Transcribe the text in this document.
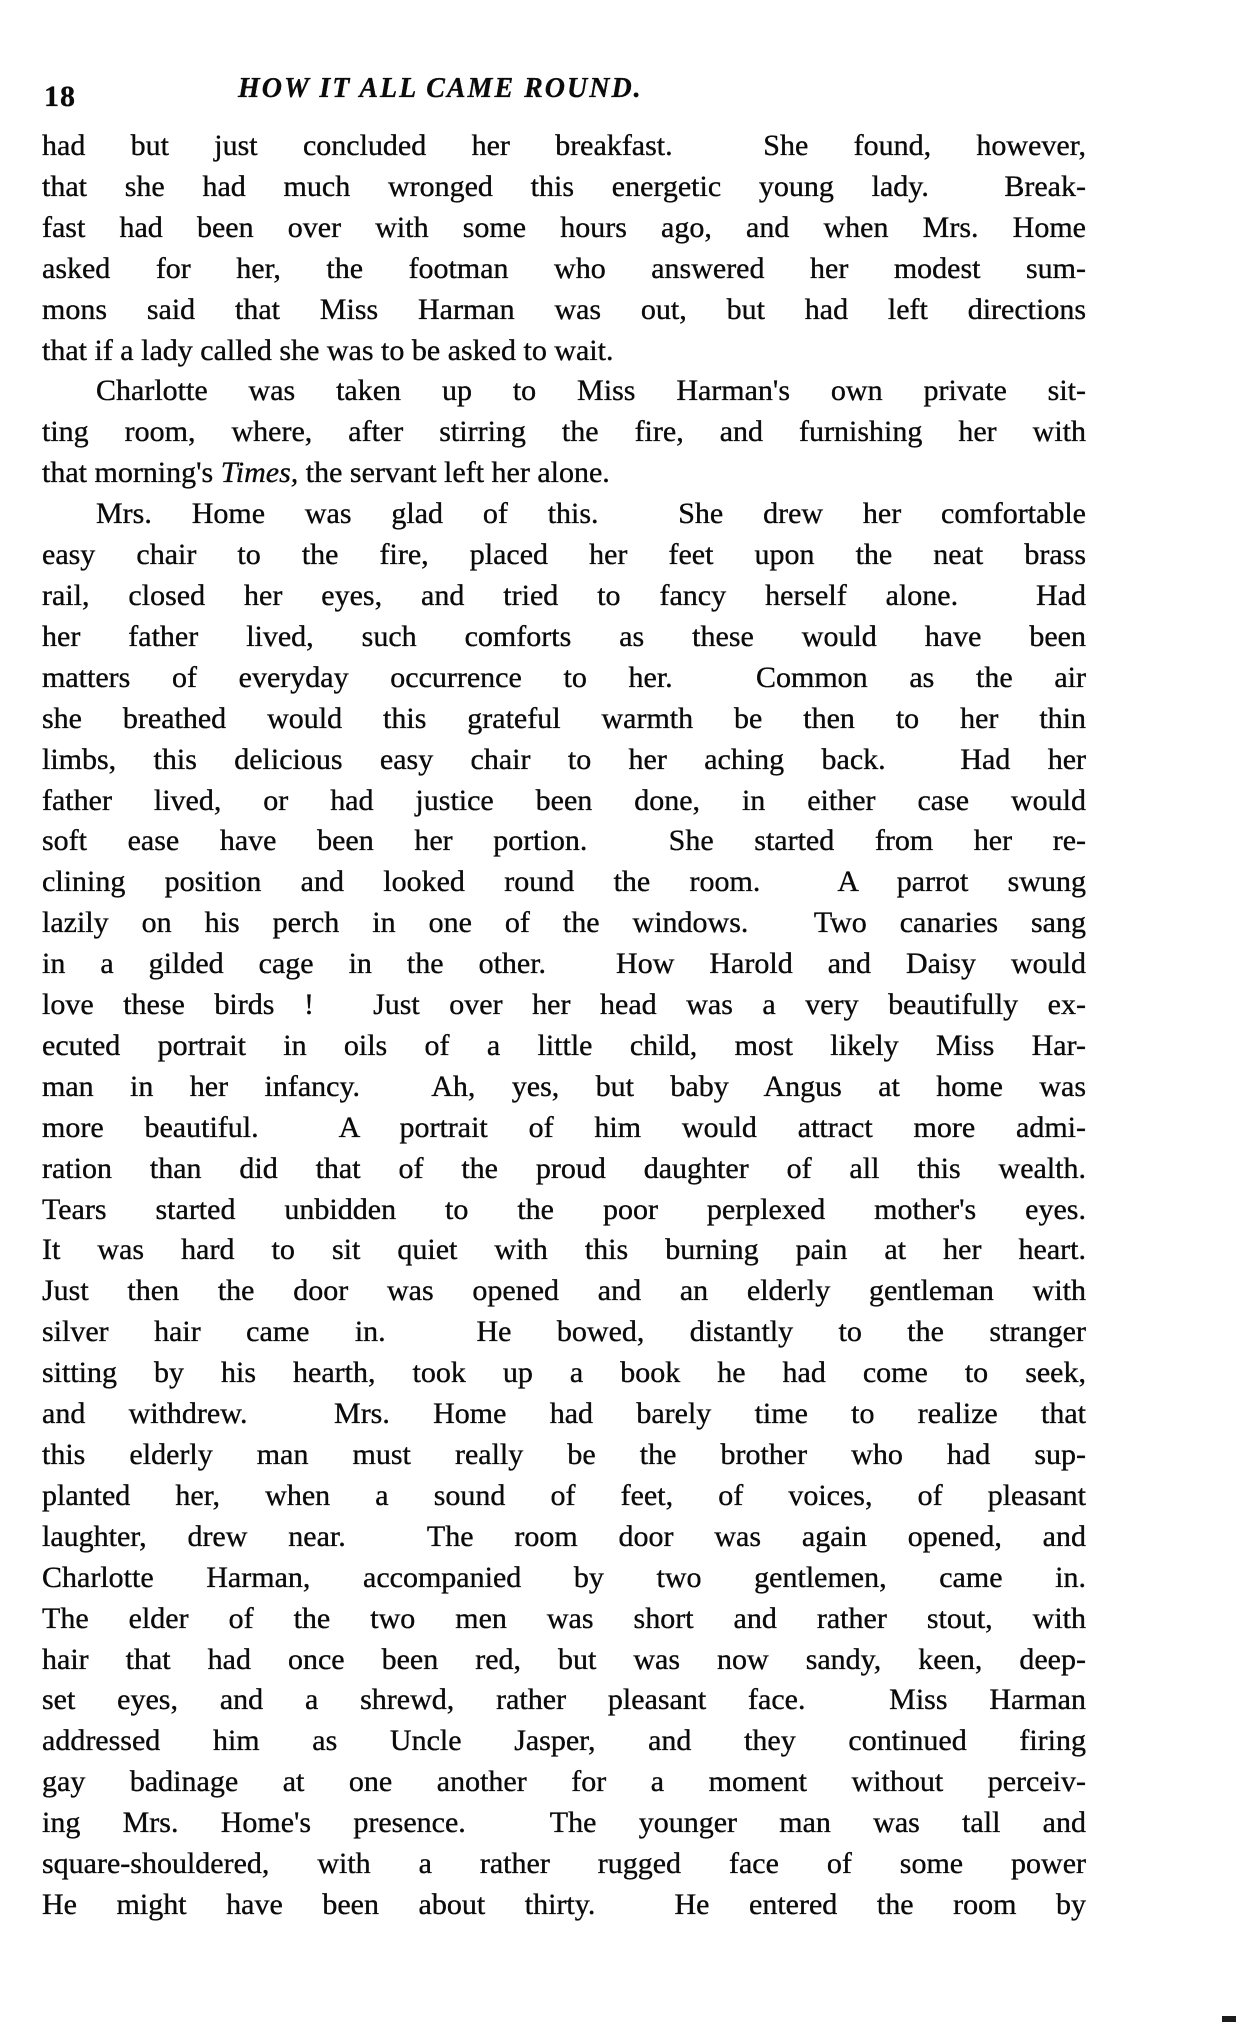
18	HOW IT ALL CAME ROUND.
had but just concluded her breakfast.  She found, however,
that she had much wronged this energetic young lady.  Break-
fast had been over with some hours ago, and when Mrs. Home
asked for her, the footman who answered her modest sum-
mons said that Miss Harman was out, but had left directions
that if a lady called she was to be asked to wait.
Charlotte was taken up to Miss Harman's own private sit-
ting room, where, after stirring the fire, and furnishing her with
that morning's Times, the servant left her alone.
Mrs. Home was glad of this.  She drew her comfortable
easy chair to the fire, placed her feet upon the neat brass
rail, closed her eyes, and tried to fancy herself alone.  Had
her father lived, such comforts as these would have been
matters of everyday occurrence to her.  Common as the air
she breathed would this grateful warmth be then to her thin
limbs, this delicious easy chair to her aching back.  Had her
father lived, or had justice been done, in either case would
soft ease have been her portion.  She started from her re-
clining position and looked round the room.  A parrot swung
lazily on his perch in one of the windows.  Two canaries sang
in a gilded cage in the other.  How Harold and Daisy would
love these birds !  Just over her head was a very beautifully ex-
ecuted portrait in oils of a little child, most likely Miss Har-
man in her infancy.  Ah, yes, but baby Angus at home was
more beautiful.  A portrait of him would attract more admi-
ration than did that of the proud daughter of all this wealth.
Tears started unbidden to the poor perplexed mother's eyes.
It was hard to sit quiet with this burning pain at her heart.
Just then the door was opened and an elderly gentleman with
silver hair came in.  He bowed, distantly to the stranger
sitting by his hearth, took up a book he had come to seek,
and withdrew.  Mrs. Home had barely time to realize that
this elderly man must really be the brother who had sup-
planted her, when a sound of feet, of voices, of pleasant
laughter, drew near.  The room door was again opened, and
Charlotte Harman, accompanied by two gentlemen, came in.
The elder of the two men was short and rather stout, with
hair that had once been red, but was now sandy, keen, deep-
set eyes, and a shrewd, rather pleasant face.  Miss Harman
addressed him as Uncle Jasper, and they continued firing
gay badinage at one another for a moment without perceiv-
ing Mrs. Home's presence.  The younger man was tall and
square-shouldered, with a rather rugged face of some power
He might have been about thirty.  He entered the room by
